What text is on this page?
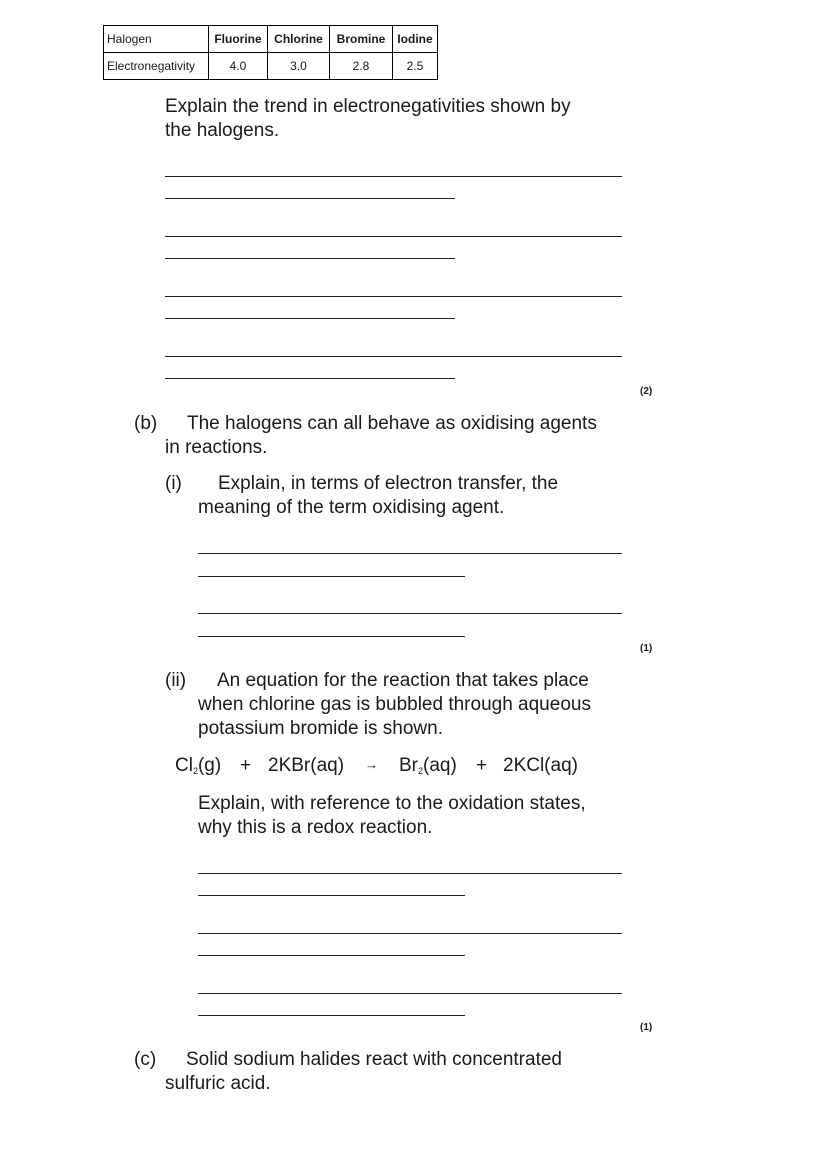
Halogen	Fluorine	Chlorine	Bromine	Iodine
Electronegativity	4.0	3.0	2.8	2.5
Explain the trend in electronegativities shown by
the halogens.
(2)
(b) The halogens can all behave as oxidising agents
in reactions.
(i) Explain, in terms of electron transfer, the
meaning of the term oxidising agent.
(1)
(ii) An equation for the reaction that takes place
when chlorine gas is bubbled through aqueous
potassium bromide is shown.
$Cl_2(g) + 2KBr(aq) \to Br_2(aq) + 2KCl(aq)$
Explain, with reference to the oxidation states,
why this is a redox reaction.
(1)
(c) Solid sodium halides react with concentrated
sulfuric acid.
